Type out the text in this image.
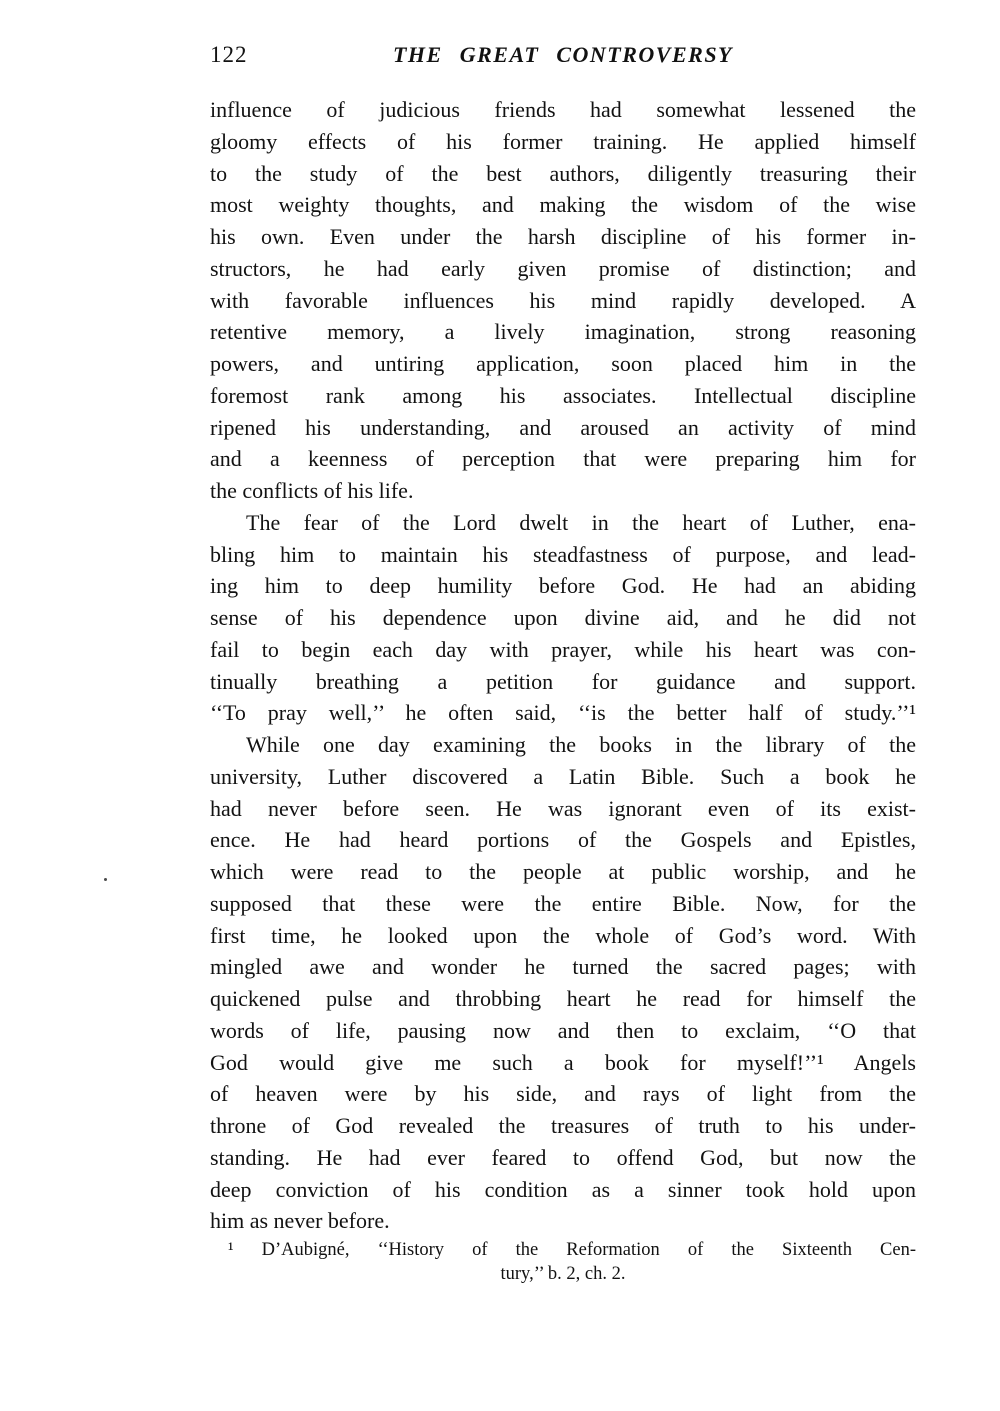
122	THE GREAT CONTROVERSY
influence of judicious friends had somewhat lessened the
gloomy effects of his former training. He applied himself
to the study of the best authors, diligently treasuring their
most weighty thoughts, and making the wisdom of the wise
his own. Even under the harsh discipline of his former in-
structors, he had early given promise of distinction; and
with favorable influences his mind rapidly developed. A
retentive memory, a lively imagination, strong reasoning
powers, and untiring application, soon placed him in the
foremost rank among his associates. Intellectual discipline
ripened his understanding, and aroused an activity of mind
and a keenness of perception that were preparing him for
the conflicts of his life.
The fear of the Lord dwelt in the heart of Luther, ena-
bling him to maintain his steadfastness of purpose, and lead-
ing him to deep humility before God. He had an abiding
sense of his dependence upon divine aid, and he did not
fail to begin each day with prayer, while his heart was con-
tinually breathing a petition for guidance and support.
‘‘To pray well,’’ he often said, ‘‘is the better half of study.’’¹
While one day examining the books in the library of the
university, Luther discovered a Latin Bible. Such a book he
had never before seen. He was ignorant even of its exist-
ence. He had heard portions of the Gospels and Epistles,
which were read to the people at public worship, and he
supposed that these were the entire Bible. Now, for the
first time, he looked upon the whole of God’s word. With
mingled awe and wonder he turned the sacred pages; with
quickened pulse and throbbing heart he read for himself the
words of life, pausing now and then to exclaim, ‘‘O that
God would give me such a book for myself!’’¹ Angels
of heaven were by his side, and rays of light from the
throne of God revealed the treasures of truth to his under-
standing. He had ever feared to offend God, but now the
deep conviction of his condition as a sinner took hold upon
him as never before.
¹ D’Aubigné, ‘‘History of the Reformation of the Sixteenth Cen-
tury,’’ b. 2, ch. 2.
